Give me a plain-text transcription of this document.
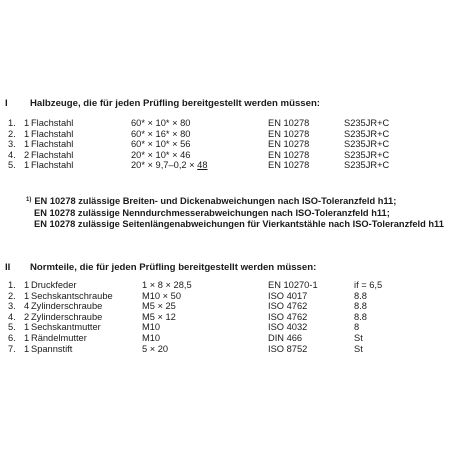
I Halbzeuge, die für jeden Prüfling bereitgestellt werden müssen:
1. 1 Flachstahl	60* × 10* × 80	EN 10278	S235JR+C
2. 1 Flachstahl	60* × 16* × 80	EN 10278	S235JR+C
3. 1 Flachstahl	60* × 10* × 56	EN 10278	S235JR+C
4. 2 Flachstahl	20* × 10* × 46	EN 10278	S235JR+C
5. 1 Flachstahl	20* × 9,7–0,2 × 48	EN 10278	S235JR+C
$^{1)}$ EN 10278 zulässige Breiten- und Dickenabweichungen nach ISO-Toleranzfeld h11;
EN 10278 zulässige Nenndurchmesserabweichungen nach ISO-Toleranzfeld h11;
EN 10278 zulässige Seitenlängenabweichungen für Vierkantstähle nach ISO-Toleranzfeld h11
II Normteile, die für jeden Prüfling bereitgestellt werden müssen:
1. 1 Druckfeder	1 × 8 × 28,5	EN 10270-1	if = 6,5
2. 1 Sechskantschraube	M10 × 50	ISO 4017	8.8
3. 4 Zylinderschraube	M5 × 25	ISO 4762	8.8
4. 2 Zylinderschraube	M5 × 12	ISO 4762	8.8
5. 1 Sechskantmutter	M10	ISO 4032	8
6. 1 Rändelmutter	M10	DIN 466	St
7. 1 Spannstift	5 × 20	ISO 8752	St
